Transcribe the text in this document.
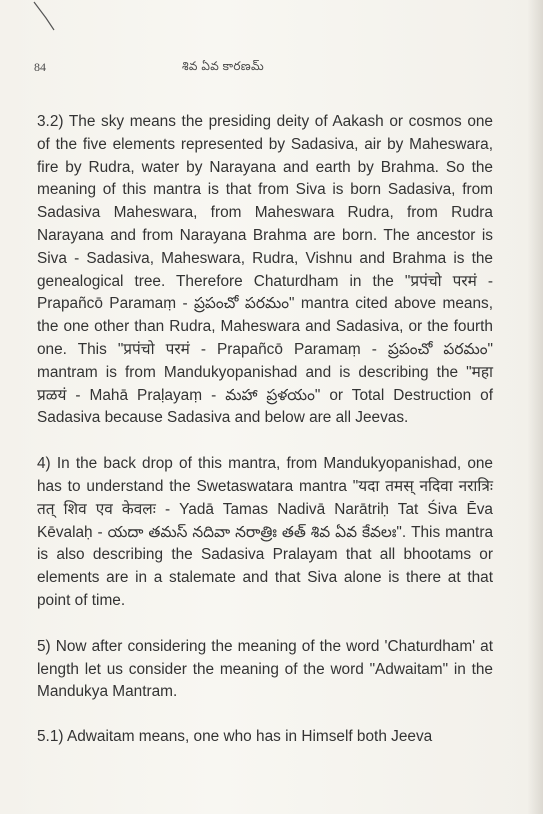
84	శివ ఏవ కారణమ్

3.2) The sky means the presiding deity of Aakash or cosmos one of the five elements represented by Sadasiva, air by Maheswara, fire by Rudra, water by Narayana and earth by Brahma. So the meaning of this mantra is that from Siva is born Sadasiva, from Sadasiva Maheswara, from Maheswara Rudra, from Rudra Narayana and from Narayana Brahma are born. The ancestor is Siva - Sadasiva, Maheswara, Rudra, Vishnu and Brahma is the genealogical tree. Therefore Chaturdham in the "प्रपंचो परमं - Prapañcō Paramaṃ - ప్రపంచో పరమం" mantra cited above means, the one other than Rudra, Maheswara and Sadasiva, or the fourth one. This "प्रपंचो परमं - Prapañcō Paramaṃ - ప్రపంచో పరమం" mantram is from Mandukyopanishad and is describing the "महा प्रळयं - Mahā Praḷayaṃ - మహా ప్రళయం" or Total Destruction of Sadasiva because Sadasiva and below are all Jeevas.

4) In the back drop of this mantra, from Mandukyopanishad, one has to understand the Swetaswatara mantra "यदा तमस् नदिवा नरात्रिः तत् शिव एव केवलः - Yadā Tamas Nadivā Narātriḥ Tat Śiva Ēva Kēvalaḥ - యదా తమస్ నదివా నరాత్రిః తత్ శివ ఏవ కేవలః". This mantra is also describing the Sadasiva Pralayam that all bhootams or elements are in a stalemate and that Siva alone is there at that point of time.

5) Now after considering the meaning of the word 'Chaturdham' at length let us consider the meaning of the word "Adwaitam" in the Mandukya Mantram.

5.1) Adwaitam means, one who has in Himself both Jeeva
